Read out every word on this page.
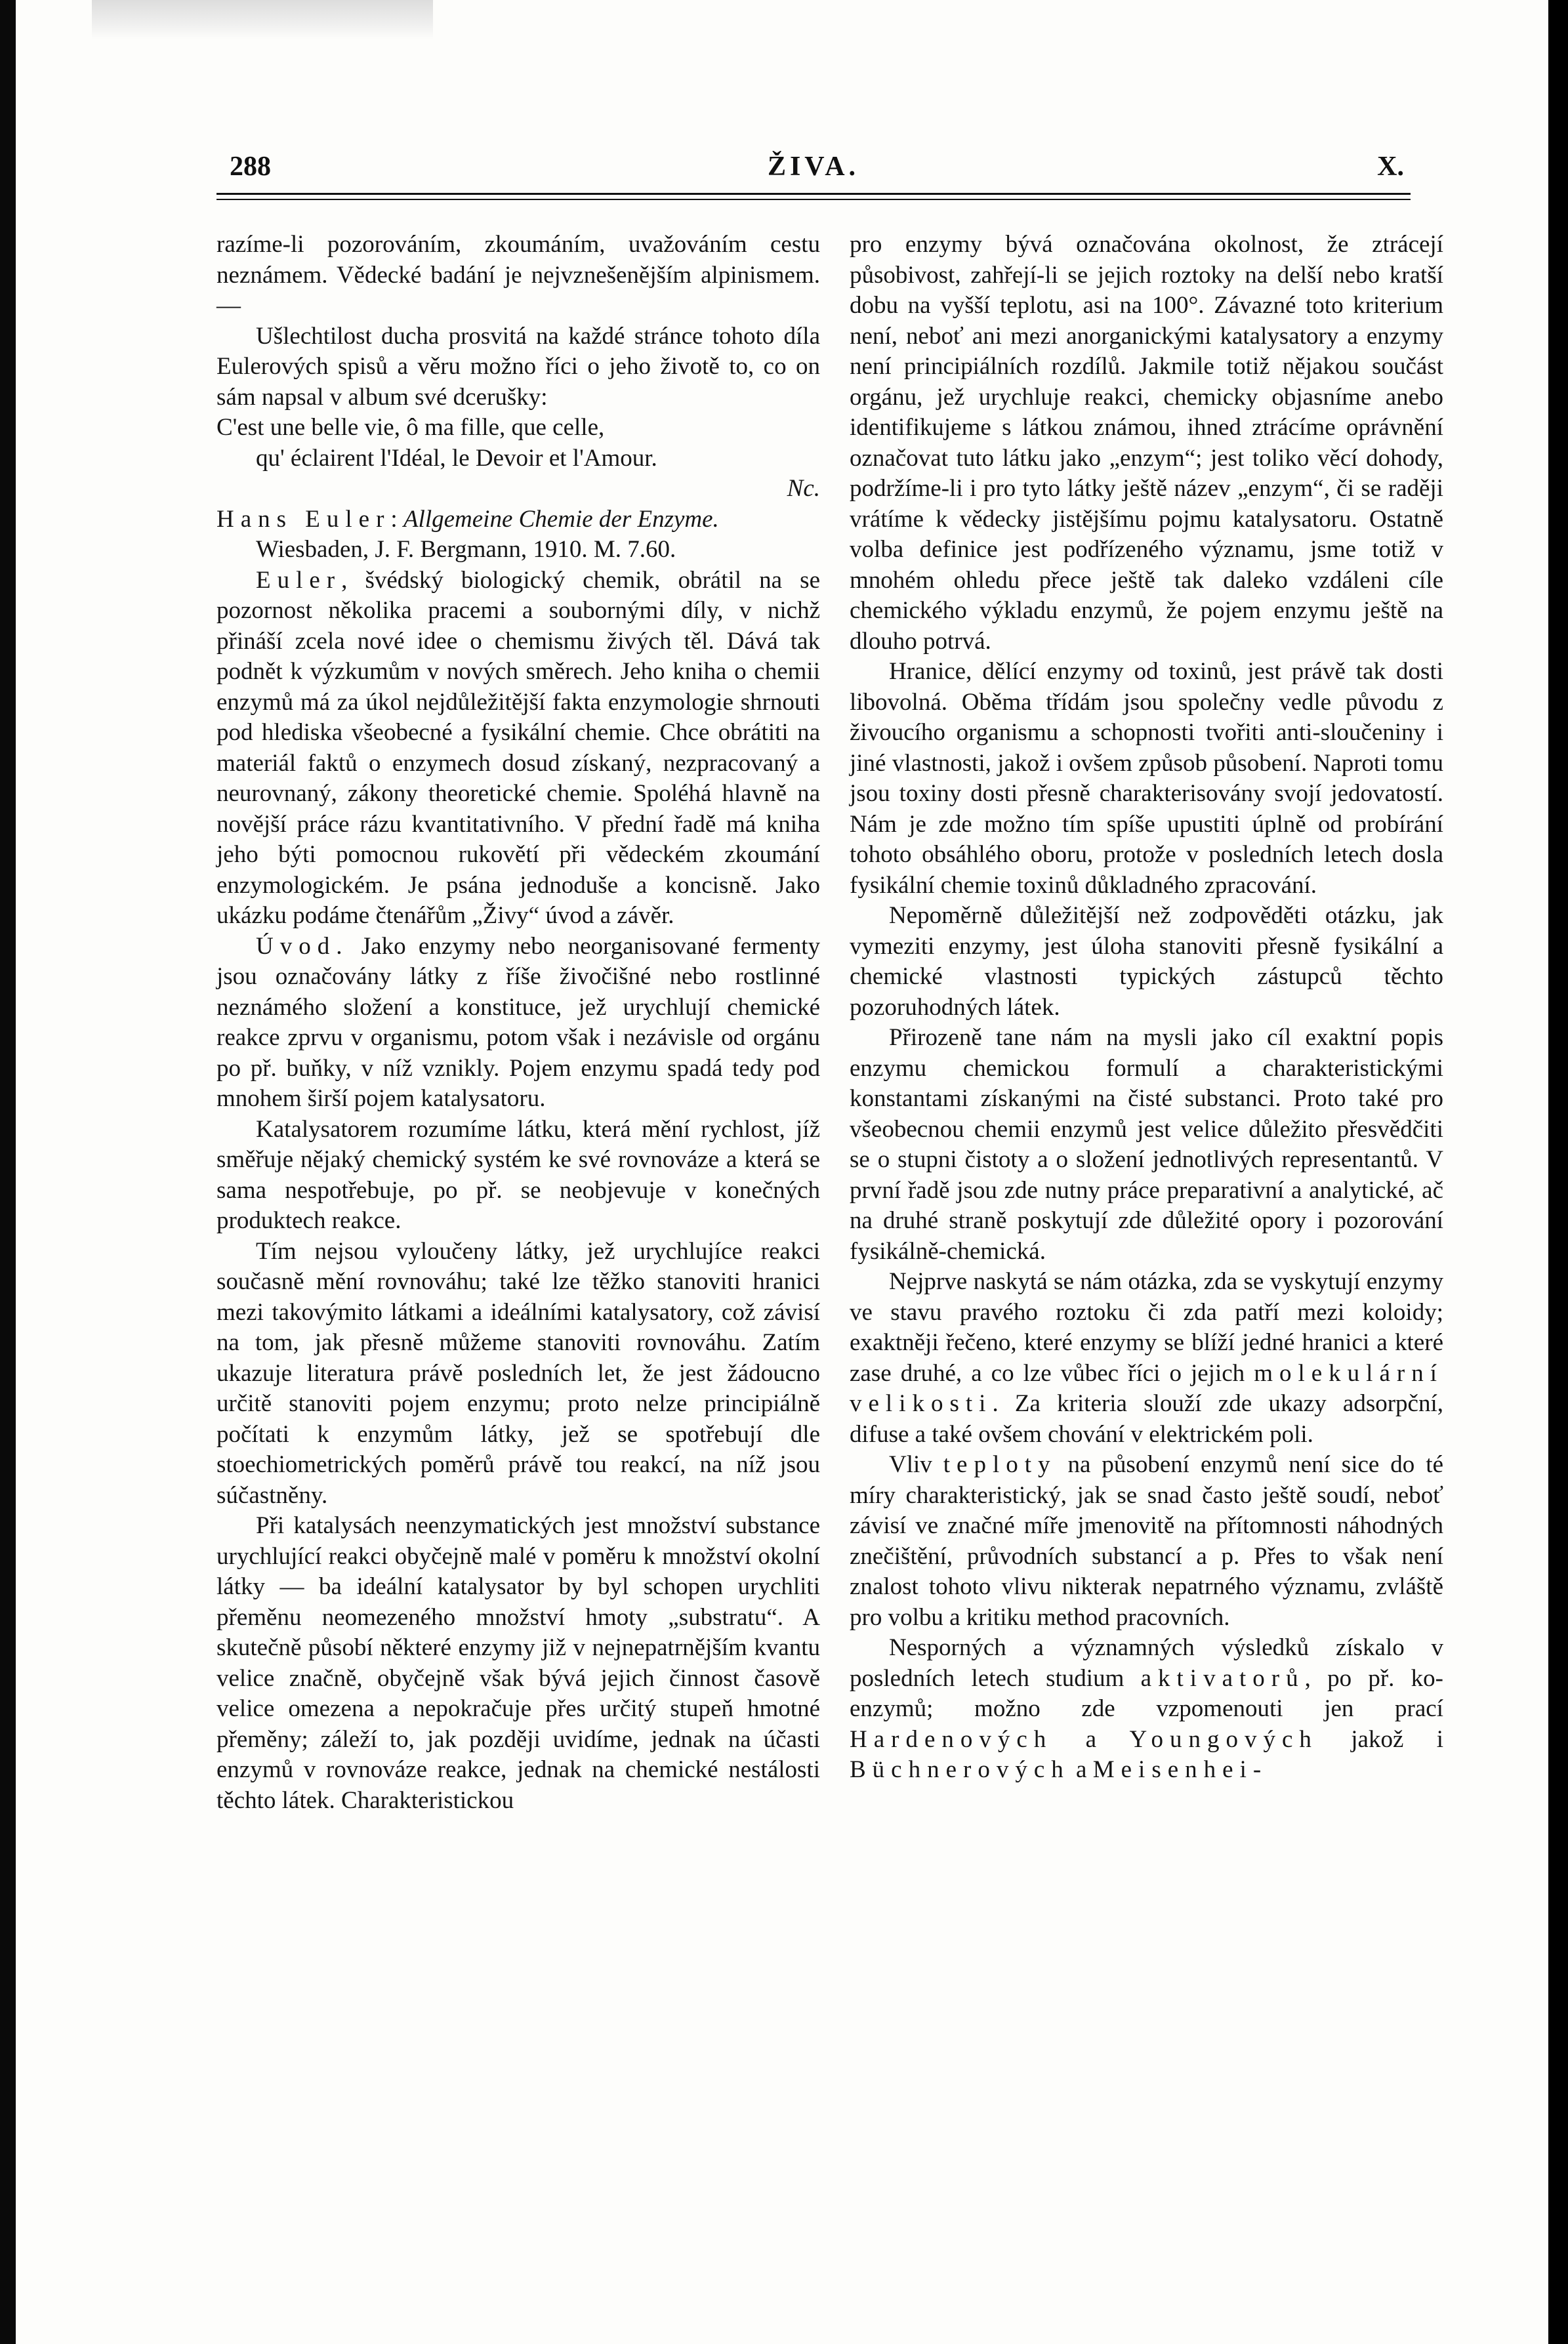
288	ŽIVA.	X.

razíme-li pozorováním, zkoumáním, uvažováním cestu neznámem. Vědecké badání je nejvznešenějším alpinismem. —

Ušlechtilost ducha prosvitá na každé stránce tohoto díla Eulerových spisů a věru možno říci o jeho životě to, co on sám napsal v album své dcerušky:

C'est une belle vie, ô ma fille, que celle,

qu' éclairent l'Idéal, le Devoir et l'Amour.

Nc.

Hans Euler: Allgemeine Chemie der Enzyme.

Wiesbaden, J. F. Bergmann, 1910. M. 7.60.

Euler, švédský biologický chemik, obrátil na se pozornost několika pracemi a soubornými díly, v nichž přináší zcela nové idee o chemismu živých těl. Dává tak podnět k výzkumům v nových směrech. Jeho kniha o chemii enzymů má za úkol nejdůležitější fakta enzymologie shrnouti pod hlediska všeobecné a fysikální chemie. Chce obrátiti na materiál faktů o enzymech dosud získaný, nezpracovaný a neurovnaný, zákony theoretické chemie. Spoléhá hlavně na novější práce rázu kvantitativního. V přední řadě má kniha jeho býti pomocnou rukovětí při vědeckém zkoumání enzymologickém. Je psána jednoduše a koncisně. Jako ukázku podáme čtenářům „Živy“ úvod a závěr.

Úvod. Jako enzymy nebo neorganisované fermenty jsou označovány látky z říše živočišné nebo rostlinné neznámého složení a konstituce, jež urychlují chemické reakce zprvu v organismu, potom však i nezávisle od orgánu po př. buňky, v níž vznikly. Pojem enzymu spadá tedy pod mnohem širší pojem katalysatoru.

Katalysatorem rozumíme látku, která mění rychlost, jíž směřuje nějaký chemický systém ke své rovnováze a která se sama nespotřebuje, po př. se neobjevuje v konečných produktech reakce.

Tím nejsou vyloučeny látky, jež urychlujíce reakci současně mění rovnováhu; také lze těžko stanoviti hranici mezi takovýmito látkami a ideálními katalysatory, což závisí na tom, jak přesně můžeme stanoviti rovnováhu. Zatím ukazuje literatura právě posledních let, že jest žádoucno určitě stanoviti pojem enzymu; proto nelze principiálně počítati k enzymům látky, jež se spotřebují dle stoechiometrických poměrů právě tou reakcí, na níž jsou súčastněny.

Při katalysách neenzymatických jest množství substance urychlující reakci obyčejně malé v poměru k množství okolní látky — ba ideální katalysator by byl schopen urychliti přeměnu neomezeného množství hmoty „substratu“. A skutečně působí některé enzymy již v nejnepatrnějším kvantu velice značně, obyčejně však bývá jejich činnost časově velice omezena a nepokračuje přes určitý stupeň hmotné přeměny; záleží to, jak později uvidíme, jednak na účasti enzymů v rovnováze reakce, jednak na chemické nestálosti těchto látek. Charakteristickou

pro enzymy bývá označována okolnost, že ztrácejí působivost, zahřejí-li se jejich roztoky na delší nebo kratší dobu na vyšší teplotu, asi na 100°. Závazné toto kriterium není, neboť ani mezi anorganickými katalysatory a enzymy není principiálních rozdílů. Jakmile totiž nějakou součást orgánu, jež urychluje reakci, chemicky objasníme anebo identifikujeme s látkou známou, ihned ztrácíme oprávnění označovat tuto látku jako „enzym“; jest toliko věcí dohody, podržíme-li i pro tyto látky ještě název „enzym“, či se raději vrátíme k vědecky jistějšímu pojmu katalysatoru. Ostatně volba definice jest podřízeného významu, jsme totiž v mnohém ohledu přece ještě tak daleko vzdáleni cíle chemického výkladu enzymů, že pojem enzymu ještě na dlouho potrvá.

Hranice, dělící enzymy od toxinů, jest právě tak dosti libovolná. Oběma třídám jsou společny vedle původu z živoucího organismu a schopnosti tvořiti anti-sloučeniny i jiné vlastnosti, jakož i ovšem způsob působení. Naproti tomu jsou toxiny dosti přesně charakterisovány svojí jedovatostí. Nám je zde možno tím spíše upustiti úplně od probírání tohoto obsáhlého oboru, protože v posledních letech dosla fysikální chemie toxinů důkladného zpracování.

Nepoměrně důležitější než zodpověděti otázku, jak vymeziti enzymy, jest úloha stanoviti přesně fysikální a chemické vlastnosti typických zástupců těchto pozoruhodných látek.

Přirozeně tane nám na mysli jako cíl exaktní popis enzymu chemickou formulí a charakteristickými konstantami získanými na čisté substanci. Proto také pro všeobecnou chemii enzymů jest velice důležito přesvědčiti se o stupni čistoty a o složení jednotlivých representantů. V první řadě jsou zde nutny práce preparativní a analytické, ač na druhé straně poskytují zde důležité opory i pozorování fysikálně-chemická.

Nejprve naskytá se nám otázka, zda se vyskytují enzymy ve stavu pravého roztoku či zda patří mezi koloidy; exaktněji řečeno, které enzymy se blíží jedné hranici a které zase druhé, a co lze vůbec říci o jejich molekulární velikosti. Za kriteria slouží zde ukazy adsorpční, difuse a také ovšem chování v elektrickém poli.

Vliv teploty na působení enzymů není sice do té míry charakteristický, jak se snad často ještě soudí, neboť závisí ve značné míře jmenovitě na přítomnosti náhodných znečištění, průvodních substancí a p. Přes to však není znalost tohoto vlivu nikterak nepatrného významu, zvláště pro volbu a kritiku method pracovních.

Nesporných a významných výsledků získalo v posledních letech studium aktivatorů, po př. ko-enzymů; možno zde vzpomenouti jen prací Hardenových a Youngových jakož i Büchnerových a Meisenhei-
